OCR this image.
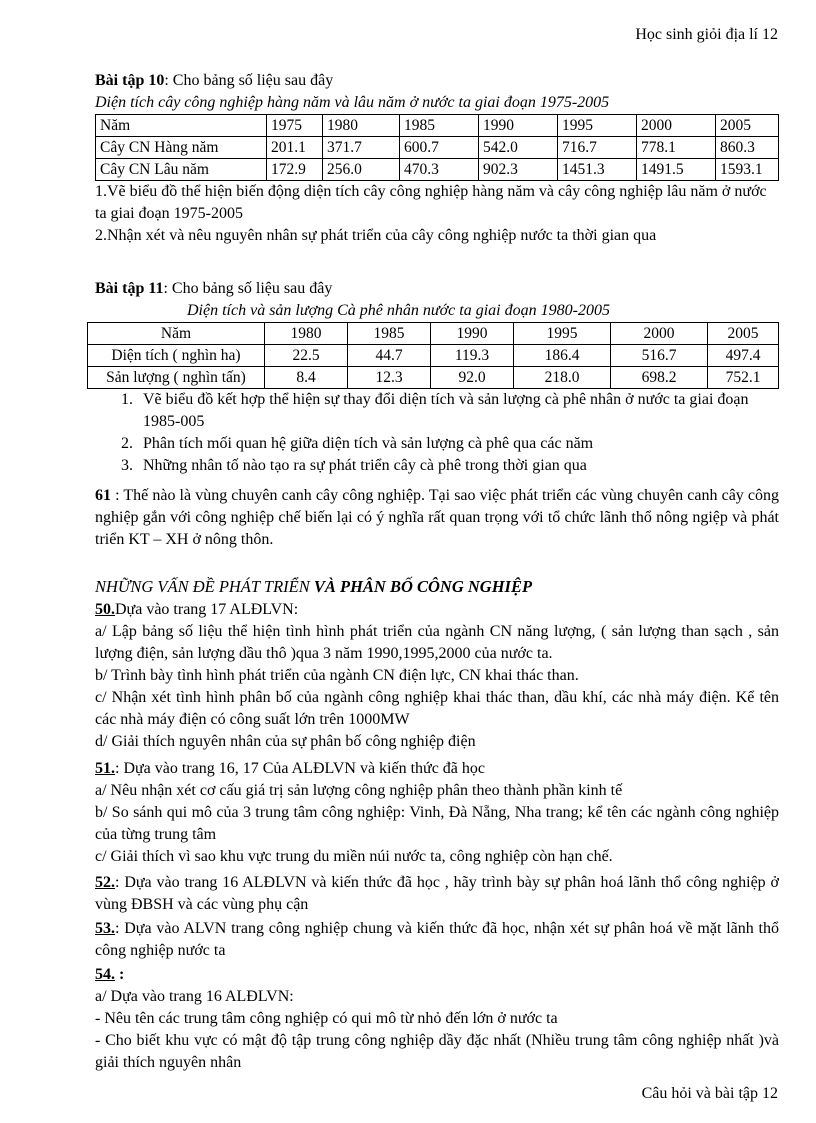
Học sinh giỏi địa lí 12

Bài tập 10: Cho bảng số liệu sau đây

Diện tích cây công nghiệp hàng năm và lâu năm ở nước ta giai đoạn 1975-2005

Năm	1975	1980	1985	1990	1995	2000	2005
Cây CN Hàng năm	201.1	371.7	600.7	542.0	716.7	778.1	860.3
Cây CN Lâu năm	172.9	256.0	470.3	902.3	1451.3	1491.5	1593.1

1.Vẽ biểu đồ thể hiện biến động diện tích cây công nghiệp hàng năm và cây công nghiệp lâu năm ở nước ta giai đoạn 1975-2005

2.Nhận xét và nêu nguyên nhân sự phát triển của cây công nghiệp nước ta thời gian qua

Bài tập 11: Cho bảng số liệu sau đây

Diện tích và sản lượng Cà phê nhân nước ta giai đoạn 1980-2005

Năm	1980	1985	1990	1995	2000	2005
Diện tích ( nghìn ha)	22.5	44.7	119.3	186.4	516.7	497.4
Sản lượng ( nghìn tấn)	8.4	12.3	92.0	218.0	698.2	752.1
1. Vẽ biểu đồ kết hợp thể hiện sự thay đổi diện tích và sản lượng cà phê nhân ở nước ta giai đoạn 1985-005
2. Phân tích mối quan hệ giữa diện tích và sản lượng cà phê qua các năm
3. Những nhân tố nào tạo ra sự phát triển cây cà phê trong thời gian qua

61 : Thế nào là vùng chuyên canh cây công nghiệp. Tại sao việc phát triển các vùng chuyên canh cây công nghiệp gắn với công nghiệp chế biến lại có ý nghĩa rất quan trọng với tổ chức lãnh thổ nông ngiệp và phát triển KT – XH ở nông thôn.

NHỮNG VẤN ĐỀ PHÁT TRIỂN VÀ PHÂN BỐ CÔNG NGHIỆP

50.Dựa vào trang 17 ALĐLVN:

a/ Lập bảng số liệu thể hiện tình hình phát triển của ngành CN năng lượng, ( sản lượng than sạch , sản lượng điện, sản lượng dầu thô )qua 3 năm 1990,1995,2000 của nước ta.

b/ Trình bày tình hình phát triển của ngành CN điện lực, CN khai thác than.

c/ Nhận xét tình hình phân bố của ngành công nghiệp khai thác than, dầu khí, các nhà máy điện. Kể tên các nhà máy điện có công suất lớn trên 1000MW

d/ Giải thích nguyên nhân của sự phân bố công nghiệp điện

51.: Dựa vào trang 16, 17 Của ALĐLVN và kiến thức đã học

a/ Nêu nhận xét cơ cấu giá trị sản lượng công nghiệp phân theo thành phần kinh tế

b/ So sánh qui mô của 3 trung tâm công nghiệp: Vinh, Đà Nẵng, Nha trang; kể tên các ngành công nghiệp của từng trung tâm

c/ Giải thích vì sao khu vực trung du miền núi nước ta, công nghiệp còn hạn chế.

52.: Dựa vào trang 16 ALĐLVN và kiến thức đã học , hãy trình bày sự phân hoá lãnh thổ công nghiệp ở vùng ĐBSH và các vùng phụ cận

53.: Dựa vào ALVN trang công nghiệp chung và kiến thức đã học, nhận xét sự phân hoá về mặt lãnh thổ công nghiệp nước ta

54. :

a/ Dựa vào trang 16 ALĐLVN:

- Nêu tên các trung tâm công nghiệp có qui mô từ nhỏ đến lớn ở nước ta

- Cho biết khu vực có mật độ tập trung công nghiệp dầy đặc nhất (Nhiều trung tâm công nghiệp nhất )và giải thích nguyên nhân

Câu hỏi và bài tập 12
